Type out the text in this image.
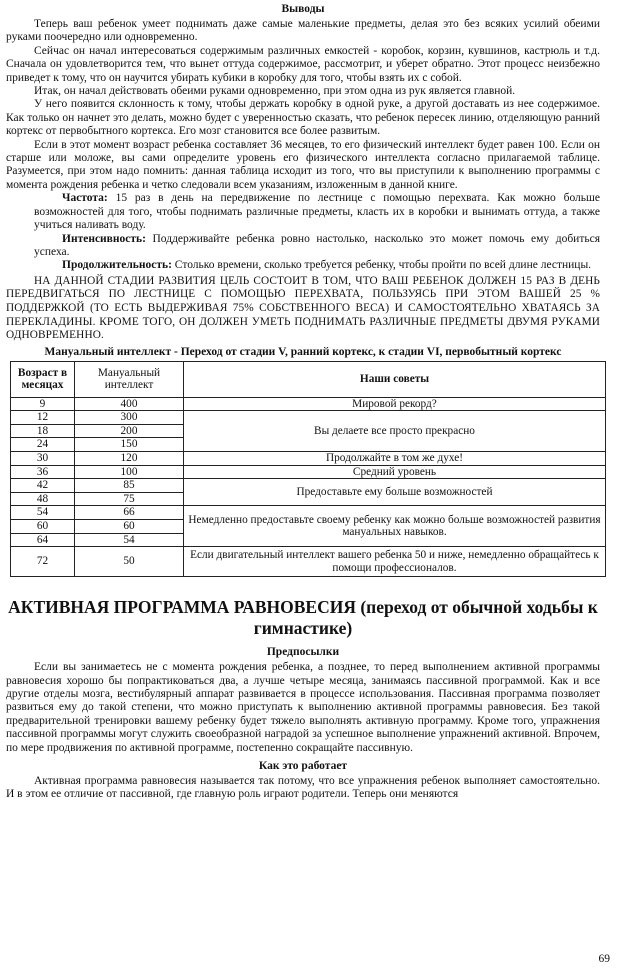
Выводы

Теперь ваш ребенок умеет поднимать даже самые маленькие предметы, делая это без всяких усилий обеими руками поочередно или одновременно.

Сейчас он начал интересоваться содержимым различных емкостей - коробок, корзин, кувшинов, кастрюль и т.д. Сначала он удовлетворится тем, что вынет оттуда содержимое, рассмотрит, и уберет обратно. Этот процесс неизбежно приведет к тому, что он научится убирать кубики в коробку для того, чтобы взять их с собой.

Итак, он начал действовать обеими руками одновременно, при этом одна из рук является главной.

У него появится склонность к тому, чтобы держать коробку в одной руке, а другой доставать из нее содержимое. Как только он начнет это делать, можно будет с уверенностью сказать, что ребенок пересек линию, отделяющую ранний кортекс от первобытного кортекса. Его мозг становится все более развитым.

Если в этот момент возраст ребенка составляет 36 месяцев, то его физический интеллект будет равен 100. Если он старше или моложе, вы сами определите уровень его физического интеллекта согласно прилагаемой таблице. Разумеется, при этом надо помнить: данная таблица исходит из того, что вы приступили к выполнению программы с момента рождения ребенка и четко следовали всем указаниям, изложенным в данной книге.

Частота: 15 раз в день на передвижение по лестнице с помощью перехвата. Как можно больше возможностей для того, чтобы поднимать различные предметы, класть их в коробки и вынимать оттуда, а также учиться наливать воду.

Интенсивность: Поддерживайте ребенка ровно настолько, насколько это может помочь ему добиться успеха.

Продолжительность: Столько времени, сколько требуется ребенку, чтобы пройти по всей длине лестницы.

НА ДАННОЙ СТАДИИ РАЗВИТИЯ ЦЕЛЬ СОСТОИТ В ТОМ, ЧТО ВАШ РЕБЕНОК ДОЛЖЕН 15 РАЗ В ДЕНЬ ПЕРЕДВИГАТЬСЯ ПО ЛЕСТНИЦЕ С ПОМОЩЬЮ ПЕРЕХВАТА, ПОЛЬЗУЯСЬ ПРИ ЭТОМ ВАШЕЙ 25 % ПОДДЕРЖКОЙ (ТО ЕСТЬ ВЫДЕРЖИВАЯ 75% СОБСТВЕННОГО ВЕСА) И САМОСТОЯТЕЛЬНО ХВАТАЯСЬ ЗА ПЕРЕКЛАДИНЫ. КРОМЕ ТОГО, ОН ДОЛЖЕН УМЕТЬ ПОДНИМАТЬ РАЗЛИЧНЫЕ ПРЕДМЕТЫ ДВУМЯ РУКАМИ ОДНОВРЕМЕННО.

Мануальный интеллект - Переход от стадии V, ранний кортекс, к стадии VI, первобытный кортекс
Возраст в месяцах	Мануальный интеллект	Наши советы
9	400	Мировой рекорд?
12	300	Вы делаете все просто прекрасно
18	200	
24	150	
30	120	Продолжайте в том же духе!
36	100	Средний уровень
42	85	Предоставьте ему больше возможностей
48	75	
54	66	Немедленно предоставьте своему ребенку как можно больше возможностей развития мануальных навыков.
60	60	
64	54	
72	50	Если двигательный интеллект вашего ребенка 50 и ниже, немедленно обращайтесь к помощи профессионалов.
АКТИВНАЯ ПРОГРАММА РАВНОВЕСИЯ (переход от обычной ходьбы к гимнастике)
Предпосылки

Если вы занимаетесь не с момента рождения ребенка, а позднее, то перед выполнением активной программы равновесия хорошо бы попрактиковаться два, а лучше четыре месяца, занимаясь пассивной программой. Как и все другие отделы мозга, вестибулярный аппарат развивается в процессе использования. Пассивная программа позволяет развиться ему до такой степени, что можно приступать к выполнению активной программы равновесия. Без такой предварительной тренировки вашему ребенку будет тяжело выполнять активную программу. Кроме того, упражнения пассивной программы могут служить своеобразной наградой за успешное выполнение упражнений активной. Впрочем, по мере продвижения по активной программе, постепенно сокращайте пассивную.

Как это работает

Активная программа равновесия называется так потому, что все упражнения ребенок выполняет самостоятельно. И в этом ее отличие от пассивной, где главную роль играют родители. Теперь они меняются

69
